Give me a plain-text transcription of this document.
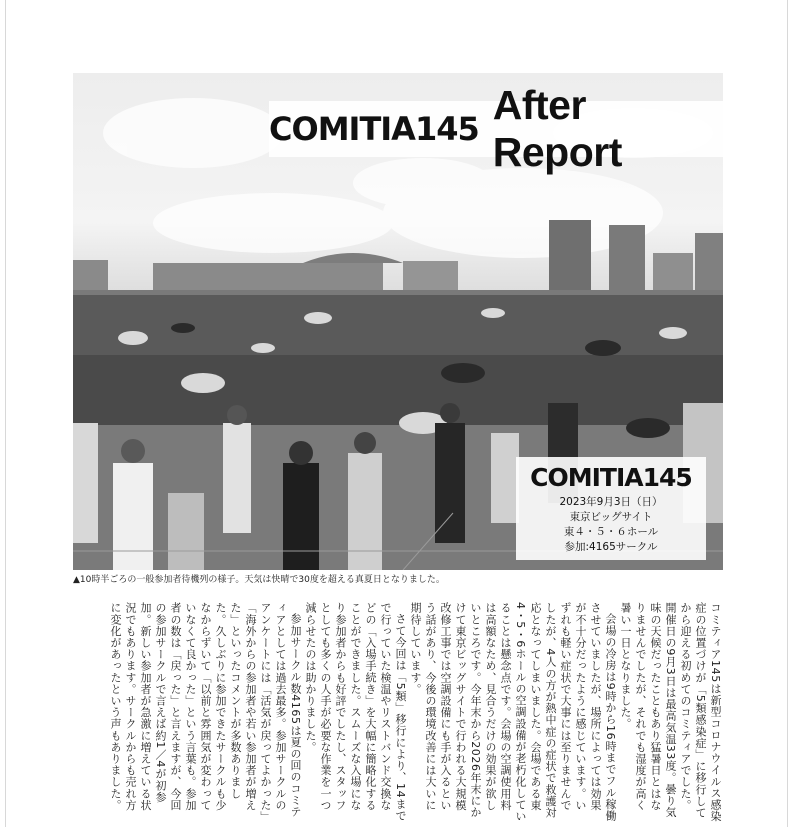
COMITIA145
After Report
COMITIA145
2023年9月3日（日）
東京ビッグサイト
東４・５・６ホール
参加:4165サークル
▲10時半ごろの一般参加者待機列の様子。天気は快晴で30度を超える真夏日となりました。

コミティア145は新型コロナウイルス感染症の位置づけが「5類感染症」に移行してから迎える初めてのコミティアでした。開催日の9月3日は最高気温33度。曇り気味の天候だったこともあり猛暑日とはなりませんでしたが、それでも湿度が高く暑い一日となりました。

会場の冷房は9時から16時までフル稼働させていましたが、場所によっては効果が不十分だったように感じています。いずれも軽い症状で大事には至りませんでしたが、4人の方が熱中症の症状で救護対応となってしまいました。会場である東4・5・6ホールの空調設備が老朽化していることは懸念点です。会場の空調使用料は高額なため、見合うだけの効果が欲しいところです。今年末から2026年末にかけて東京ビッグサイトで行われる大規模改修工事では空調設備にも手が入るという話があり、今後の環境改善には大いに期待しています。

さて今回は「5類」移行により、14までで行っていた検温やリストバンド交換などの「入場手続き」を大幅に簡略化することができました。スムーズな入場になり参加者からも好評でしたし、スタッフとしても多くの人手が必要な作業を一つ減らせたのは助かりました。

参加サークル数4165は夏の回のコミティアとしては過去最多。参加サークルのアンケートには「活気が戻ってよかった」「海外からの参加者や若い参加者が増えた」といったコメントが多数ありました。久しぶりに参加できたサークルも少なからずいて「以前と雰囲気が変わっていなくて良かった」という言葉も。参加者の数は「戻った」と言えますが、今回の参加サークルで言えば約1／4が初参加。新しい参加者が急激に増えている状況でもあります。サークルからも売れ方に変化があったという声もありました。
